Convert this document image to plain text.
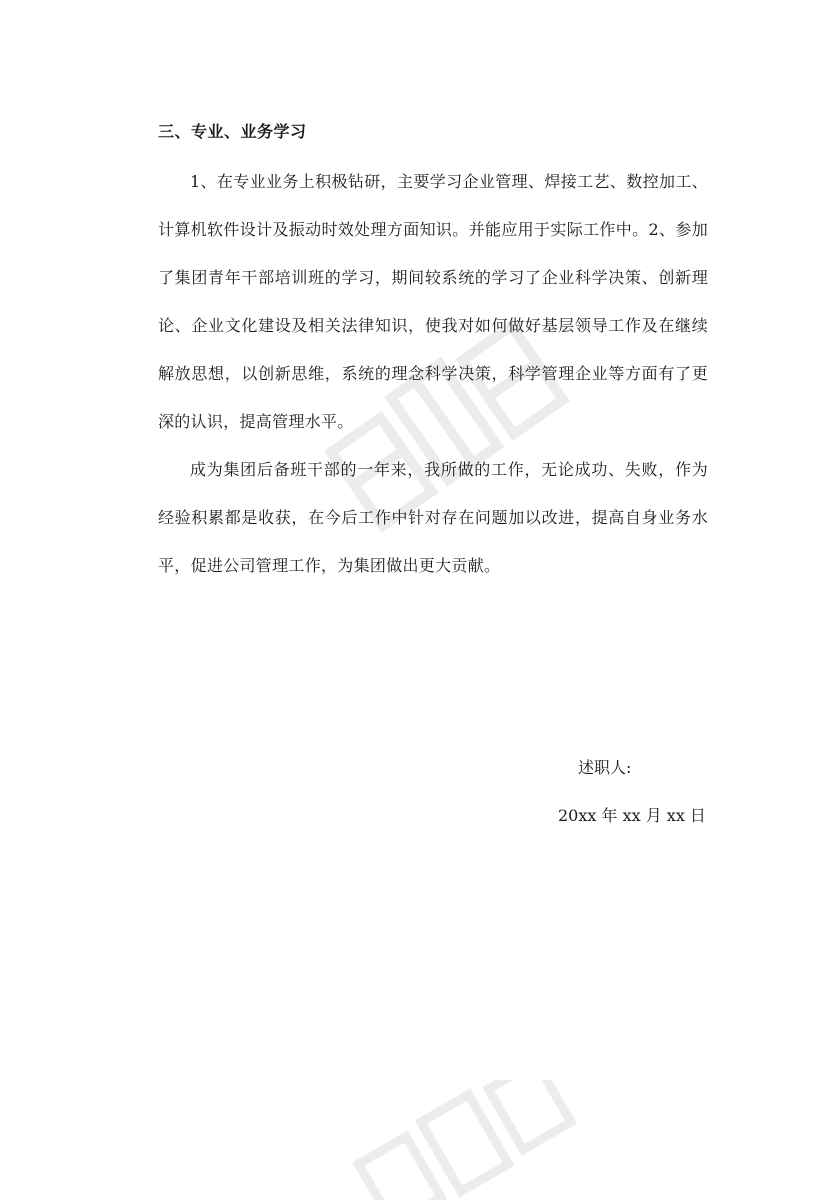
三、专业、业务学习

1、在专业业务上积极钻研，主要学习企业管理、焊接工艺、数控加工、计算机软件设计及振动时效处理方面知识。并能应用于实际工作中。2、参加了集团青年干部培训班的学习，期间较系统的学习了企业科学决策、创新理论、企业文化建设及相关法律知识，使我对如何做好基层领导工作及在继续解放思想，以创新思维，系统的理念科学决策，科学管理企业等方面有了更深的认识，提高管理水平。

成为集团后备班干部的一年来，我所做的工作，无论成功、失败，作为经验积累都是收获，在今后工作中针对存在问题加以改进，提高自身业务水平，促进公司管理工作，为集团做出更大贡献。

述职人:
20xx 年 xx 月 xx 日
